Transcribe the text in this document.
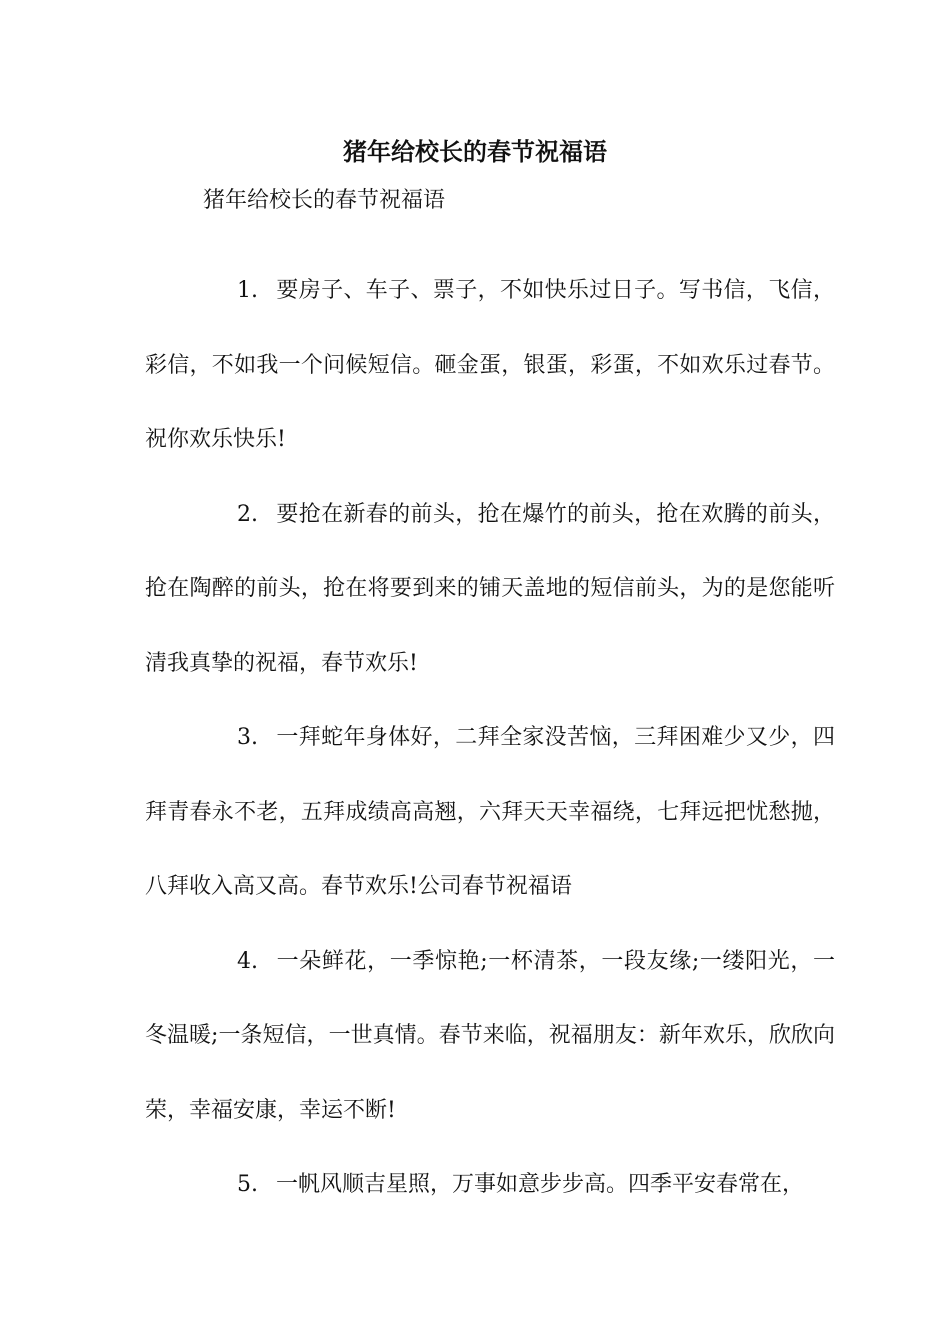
猪年给校长的春节祝福语
猪年给校长的春节祝福语

1. 要房子、车子、票子，不如快乐过日子。写书信，飞信，彩信，不如我一个问候短信。砸金蛋，银蛋，彩蛋，不如欢乐过春节。祝你欢乐快乐!

2. 要抢在新春的前头，抢在爆竹的前头，抢在欢腾的前头，抢在陶醉的前头，抢在将要到来的铺天盖地的短信前头，为的是您能听清我真挚的祝福，春节欢乐!

3. 一拜蛇年身体好，二拜全家没苦恼，三拜困难少又少，四拜青春永不老，五拜成绩高高翘，六拜天天幸福绕，七拜远把忧愁抛，八拜收入高又高。春节欢乐!公司春节祝福语

4. 一朵鲜花，一季惊艳;一杯清茶，一段友缘;一缕阳光，一冬温暖;一条短信，一世真情。春节来临，祝福朋友：新年欢乐，欣欣向荣，幸福安康，幸运不断!

5. 一帆风顺吉星照，万事如意步步高。四季平安春常在，
